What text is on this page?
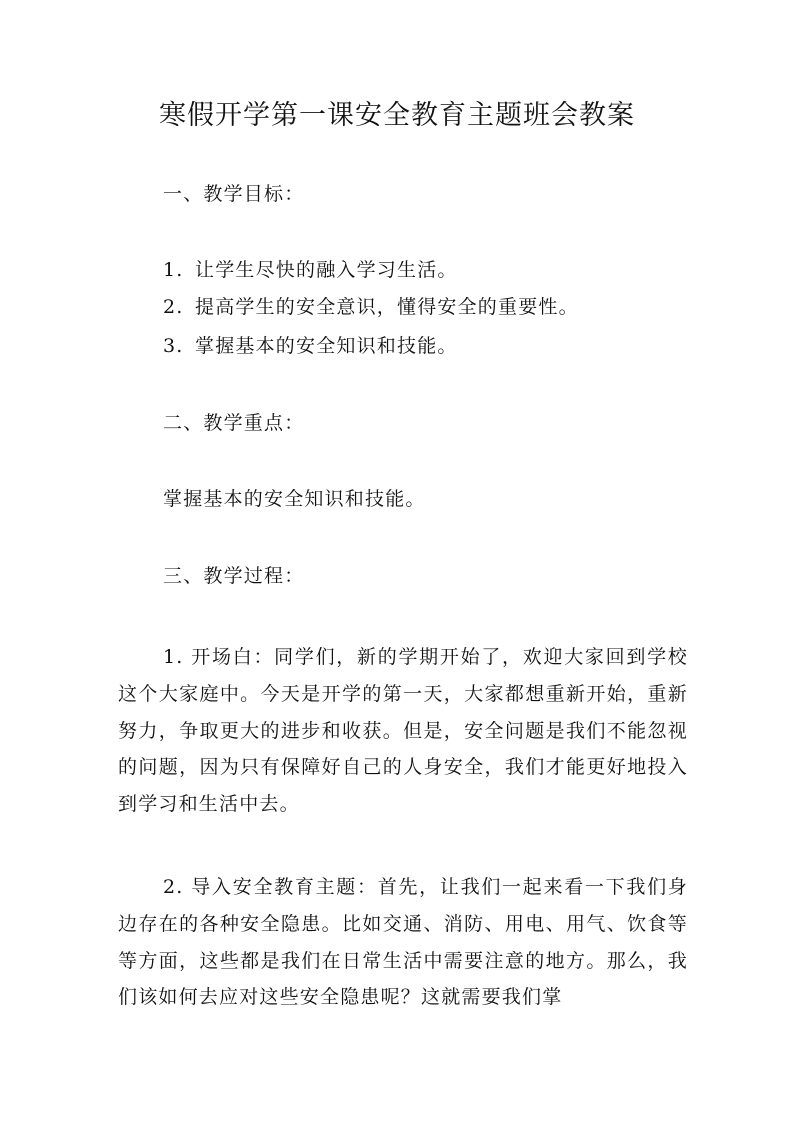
寒假开学第一课安全教育主题班会教案

一、教学目标：

1. 让学生尽快的融入学习生活。

2. 提高学生的安全意识，懂得安全的重要性。

3. 掌握基本的安全知识和技能。

二、教学重点：

掌握基本的安全知识和技能。

三、教学过程：

1. 开场白：同学们，新的学期开始了，欢迎大家回到学校这个大家庭中。今天是开学的第一天，大家都想重新开始，重新努力，争取更大的进步和收获。但是，安全问题是我们不能忽视的问题，因为只有保障好自己的人身安全，我们才能更好地投入到学习和生活中去。

2. 导入安全教育主题：首先，让我们一起来看一下我们身边存在的各种安全隐患。比如交通、消防、用电、用气、饮食等等方面，这些都是我们在日常生活中需要注意的地方。那么，我们该如何去应对这些安全隐患呢？这就需要我们掌
